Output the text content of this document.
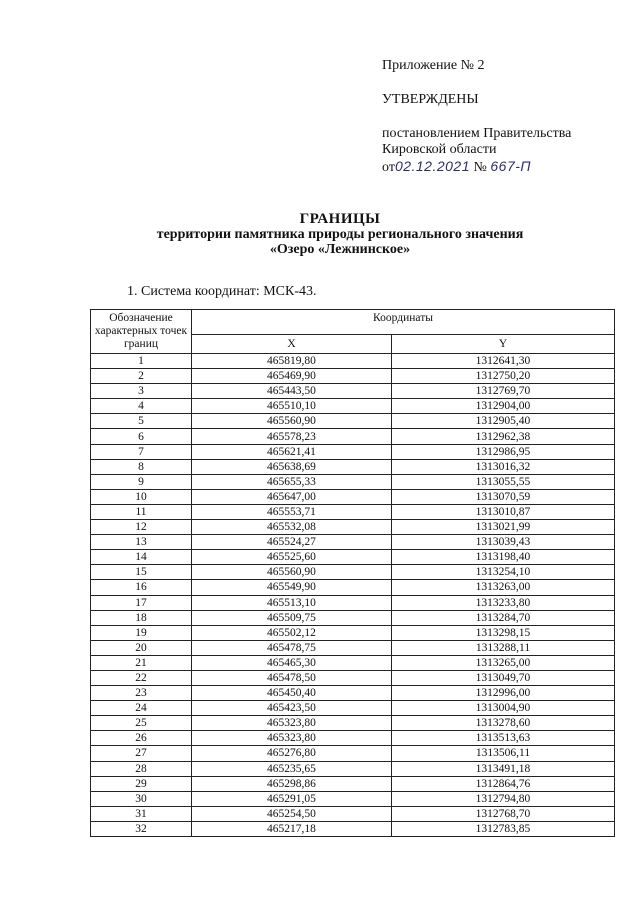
Приложение № 2
УТВЕРЖДЕНЫ
постановлением Правительства
Кировской области
от02.12.2021 № 667-П
ГРАНИЦЫ
территории памятника природы регионального значения
«Озеро «Лежнинское»
1. Система координат: МСК-43.
Обозначение характерных точек границ	Координаты	
	X	Y
1	465819,80	1312641,30
2	465469,90	1312750,20
3	465443,50	1312769,70
4	465510,10	1312904,00
5	465560,90	1312905,40
6	465578,23	1312962,38
7	465621,41	1312986,95
8	465638,69	1313016,32
9	465655,33	1313055,55
10	465647,00	1313070,59
11	465553,71	1313010,87
12	465532,08	1313021,99
13	465524,27	1313039,43
14	465525,60	1313198,40
15	465560,90	1313254,10
16	465549,90	1313263,00
17	465513,10	1313233,80
18	465509,75	1313284,70
19	465502,12	1313298,15
20	465478,75	1313288,11
21	465465,30	1313265,00
22	465478,50	1313049,70
23	465450,40	1312996,00
24	465423,50	1313004,90
25	465323,80	1313278,60
26	465323,80	1313513,63
27	465276,80	1313506,11
28	465235,65	1313491,18
29	465298,86	1312864,76
30	465291,05	1312794,80
31	465254,50	1312768,70
32	465217,18	1312783,85
